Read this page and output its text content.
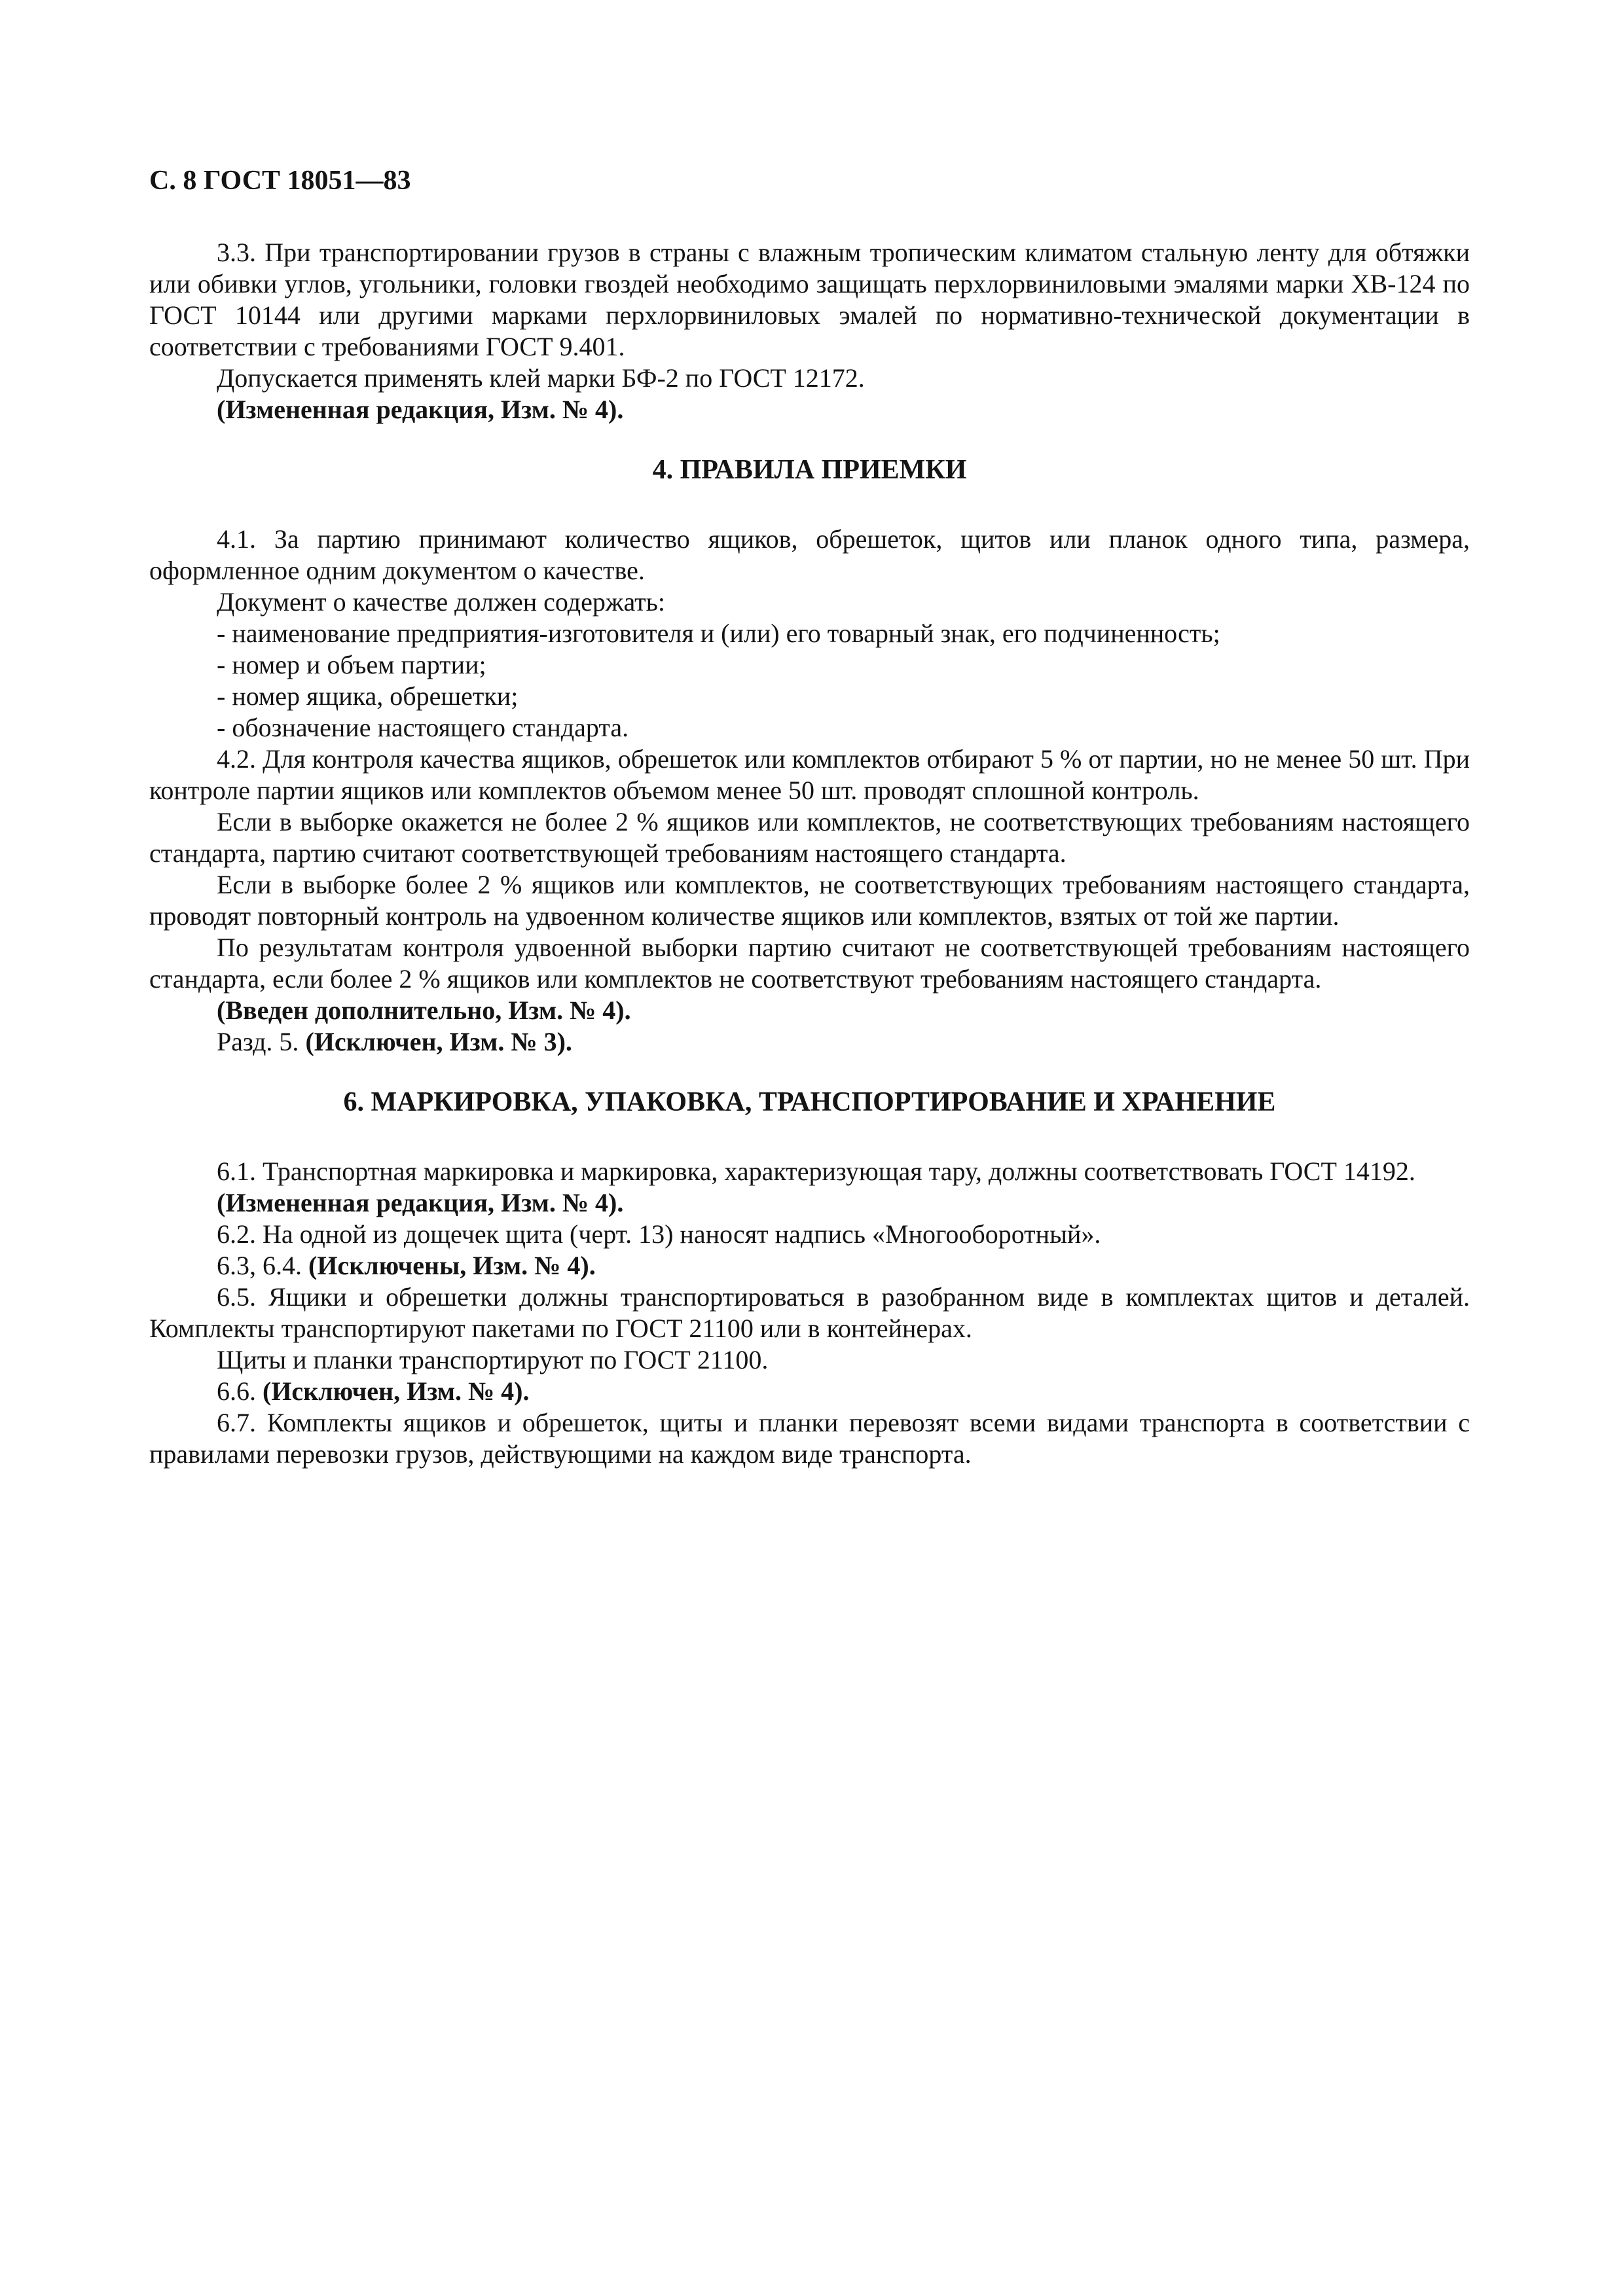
С. 8 ГОСТ 18051—83

3.3. При транспортировании грузов в страны с влажным тропическим климатом стальную ленту для обтяжки или обивки углов, угольники, головки гвоздей необходимо защищать перхлорвиниловыми эмалями марки ХВ-124 по ГОСТ 10144 или другими марками перхлорвиниловых эмалей по нормативно-технической документации в соответствии с требованиями ГОСТ 9.401.

Допускается применять клей марки БФ-2 по ГОСТ 12172.

(Измененная редакция, Изм. № 4).

4. ПРАВИЛА ПРИЕМКИ

4.1. За партию принимают количество ящиков, обрешеток, щитов или планок одного типа, размера, оформленное одним документом о качестве.

Документ о качестве должен содержать:

- наименование предприятия-изготовителя и (или) его товарный знак, его подчиненность;

- номер и объем партии;

- номер ящика, обрешетки;

- обозначение настоящего стандарта.

4.2. Для контроля качества ящиков, обрешеток или комплектов отбирают 5 % от партии, но не менее 50 шт. При контроле партии ящиков или комплектов объемом менее 50 шт. проводят сплошной контроль.

Если в выборке окажется не более 2 % ящиков или комплектов, не соответствующих требованиям настоящего стандарта, партию считают соответствующей требованиям настоящего стандарта.

Если в выборке более 2 % ящиков или комплектов, не соответствующих требованиям настоящего стандарта, проводят повторный контроль на удвоенном количестве ящиков или комплектов, взятых от той же партии.

По результатам контроля удвоенной выборки партию считают не соответствующей требованиям настоящего стандарта, если более 2 % ящиков или комплектов не соответствуют требованиям настоящего стандарта.

(Введен дополнительно, Изм. № 4).

Разд. 5. (Исключен, Изм. № 3).

6. МАРКИРОВКА, УПАКОВКА, ТРАНСПОРТИРОВАНИЕ И ХРАНЕНИЕ

6.1. Транспортная маркировка и маркировка, характеризующая тару, должны соответствовать ГОСТ 14192.

(Измененная редакция, Изм. № 4).

6.2. На одной из дощечек щита (черт. 13) наносят надпись «Многооборотный».

6.3, 6.4. (Исключены, Изм. № 4).

6.5. Ящики и обрешетки должны транспортироваться в разобранном виде в комплектах щитов и деталей. Комплекты транспортируют пакетами по ГОСТ 21100 или в контейнерах.

Щиты и планки транспортируют по ГОСТ 21100.

6.6. (Исключен, Изм. № 4).

6.7. Комплекты ящиков и обрешеток, щиты и планки перевозят всеми видами транспорта в соответствии с правилами перевозки грузов, действующими на каждом виде транспорта.
